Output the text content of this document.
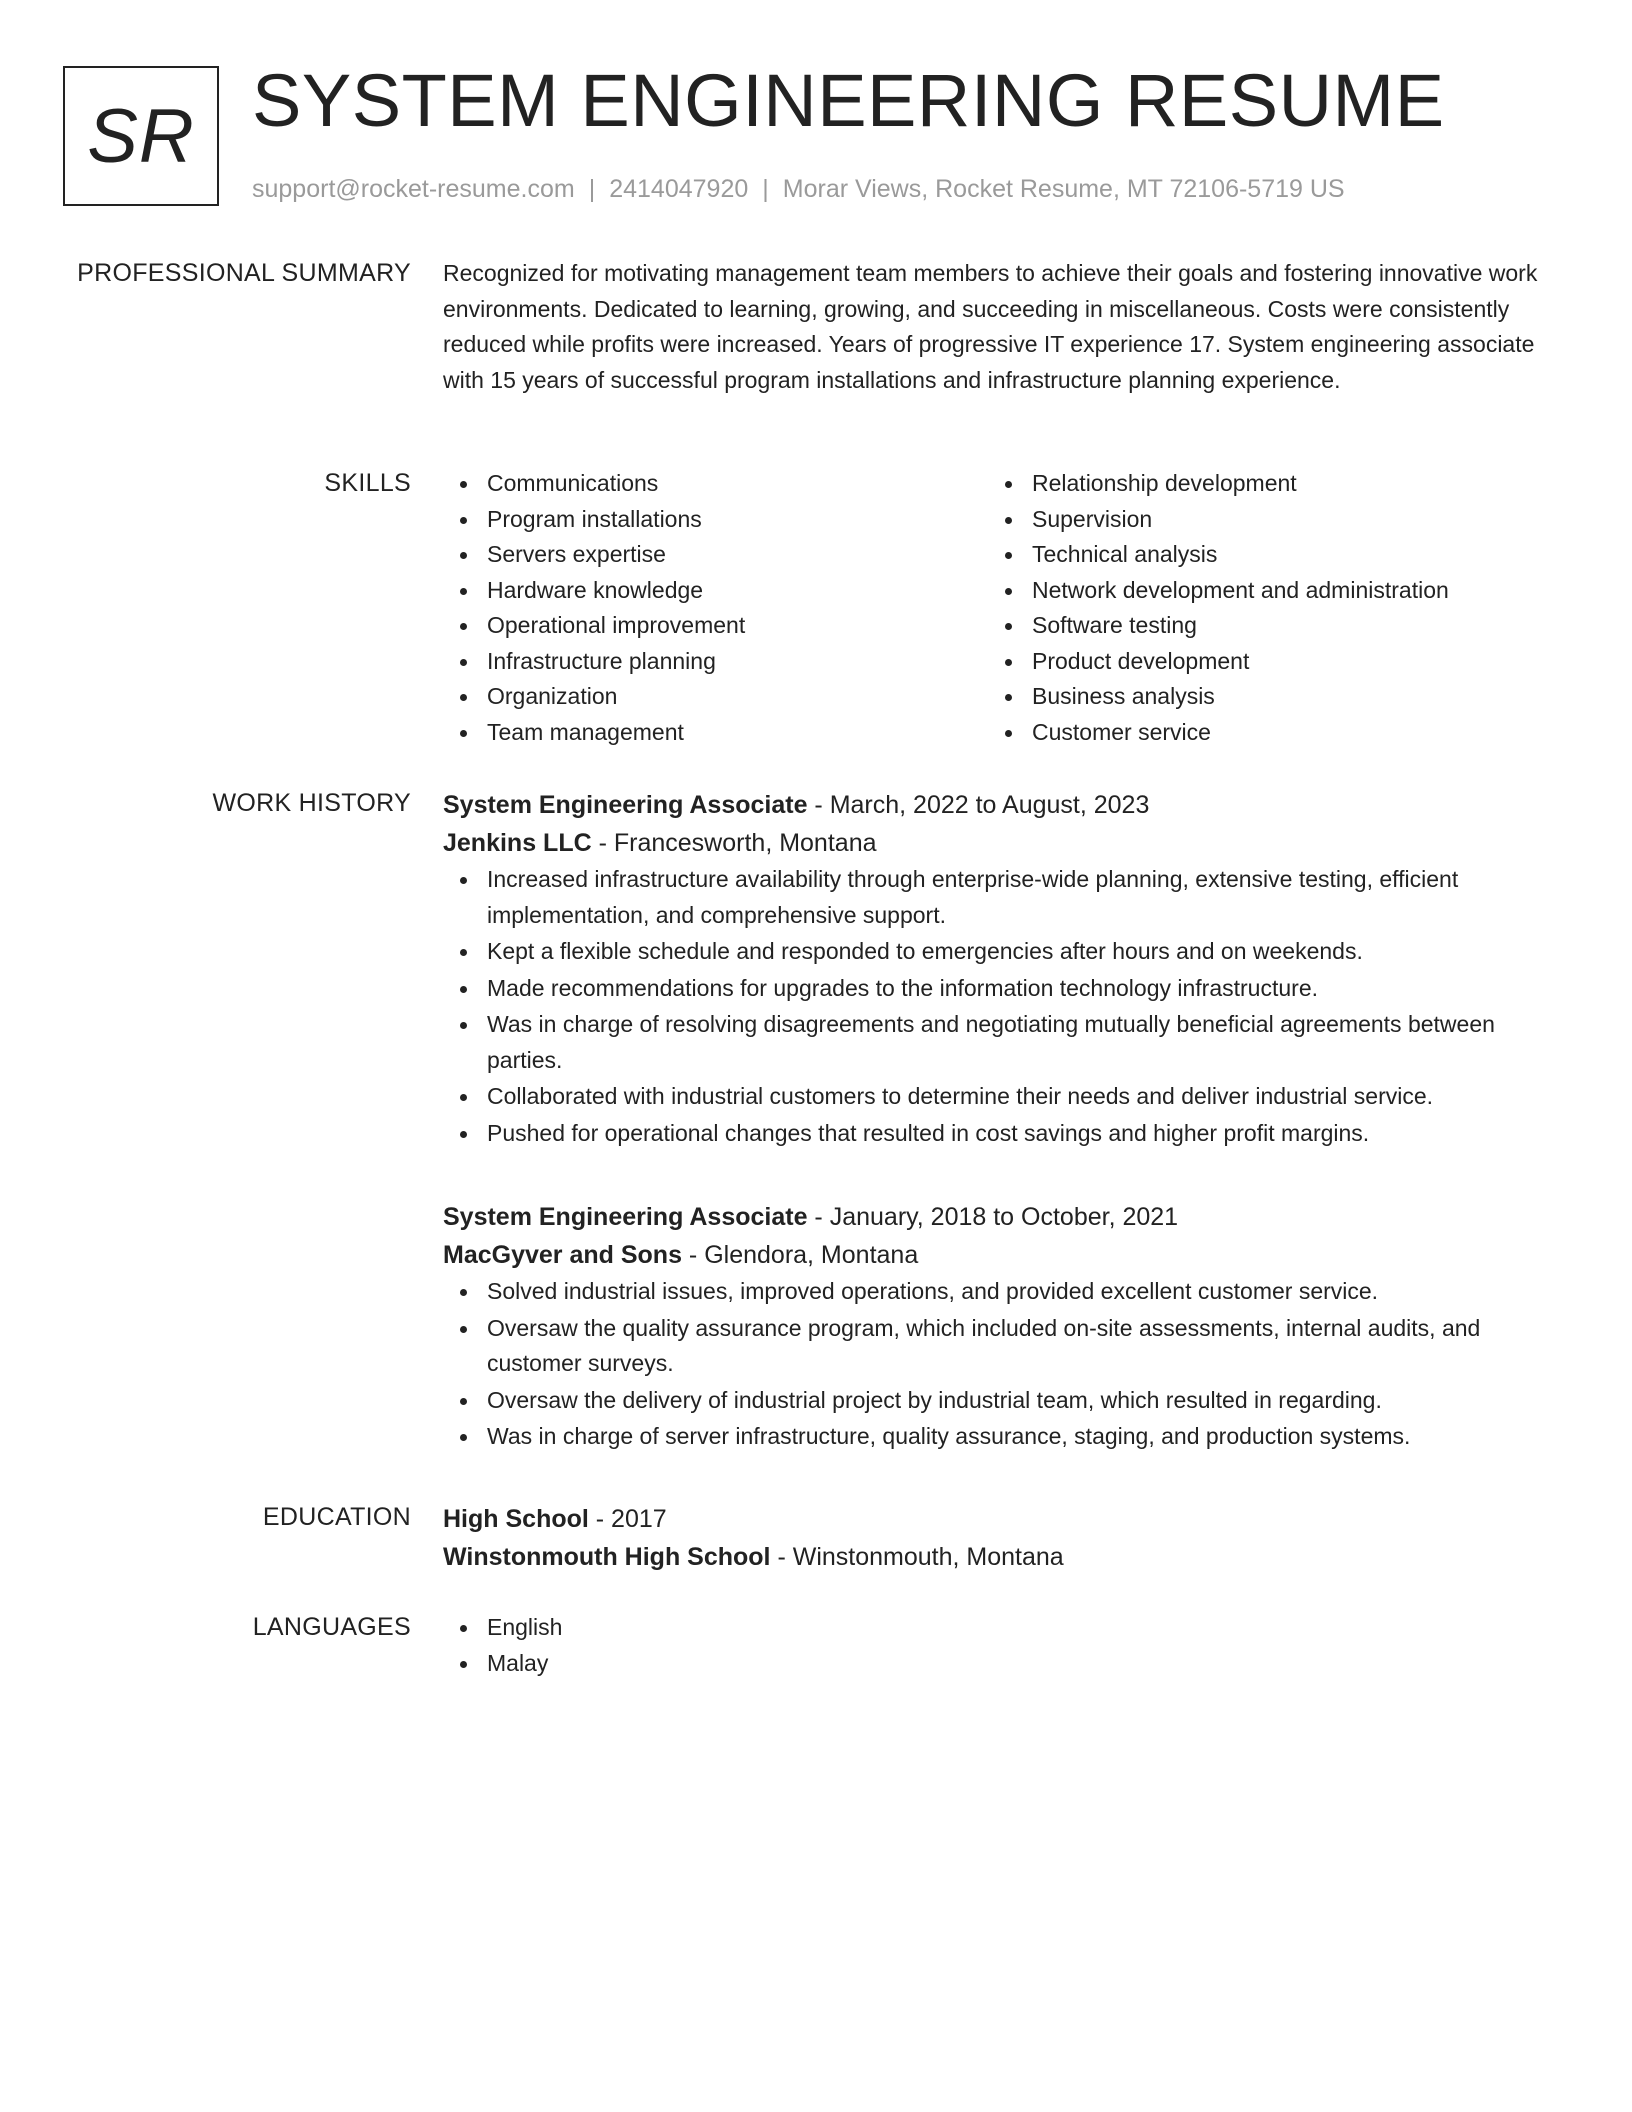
SR SYSTEM ENGINEERING RESUME
support@rocket-resume.com | 2414047920 | Morar Views, Rocket Resume, MT 72106-5719 US
PROFESSIONAL SUMMARY Recognized for motivating management team members to achieve their goals and fostering innovative work environments. Dedicated to learning, growing, and succeeding in miscellaneous. Costs were consistently reduced while profits were increased. Years of progressive IT experience 17. System engineering associate with 15 years of successful program installations and infrastructure planning experience.

SKILLS	Communications
Program installations
Servers expertise
Hardware knowledge
Operational improvement
Infrastructure planning
Organization
Team management
Relationship development
Supervision
Technical analysis
Network development and administration
Software testing
Product development
Business analysis
Customer service
WORK HISTORY System Engineering Associate - March, 2022 to August, 2023
Jenkins LLC - Francesworth, Montana
Increased infrastructure availability through enterprise-wide planning, extensive testing, efficient implementation, and comprehensive support.
Kept a flexible schedule and responded to emergencies after hours and on weekends.
Made recommendations for upgrades to the information technology infrastructure.
Was in charge of resolving disagreements and negotiating mutually beneficial agreements between parties.
Collaborated with industrial customers to determine their needs and deliver industrial service.
Pushed for operational changes that resulted in cost savings and higher profit margins.
System Engineering Associate - January, 2018 to October, 2021
MacGyver and Sons - Glendora, Montana
Solved industrial issues, improved operations, and provided excellent customer service.
Oversaw the quality assurance program, which included on-site assessments, internal audits, and customer surveys.
Oversaw the delivery of industrial project by industrial team, which resulted in regarding.
Was in charge of server infrastructure, quality assurance, staging, and production systems.
EDUCATION High School - 2017
Winstonmouth High School - Winstonmouth, Montana
LANGUAGES	English
Malay
